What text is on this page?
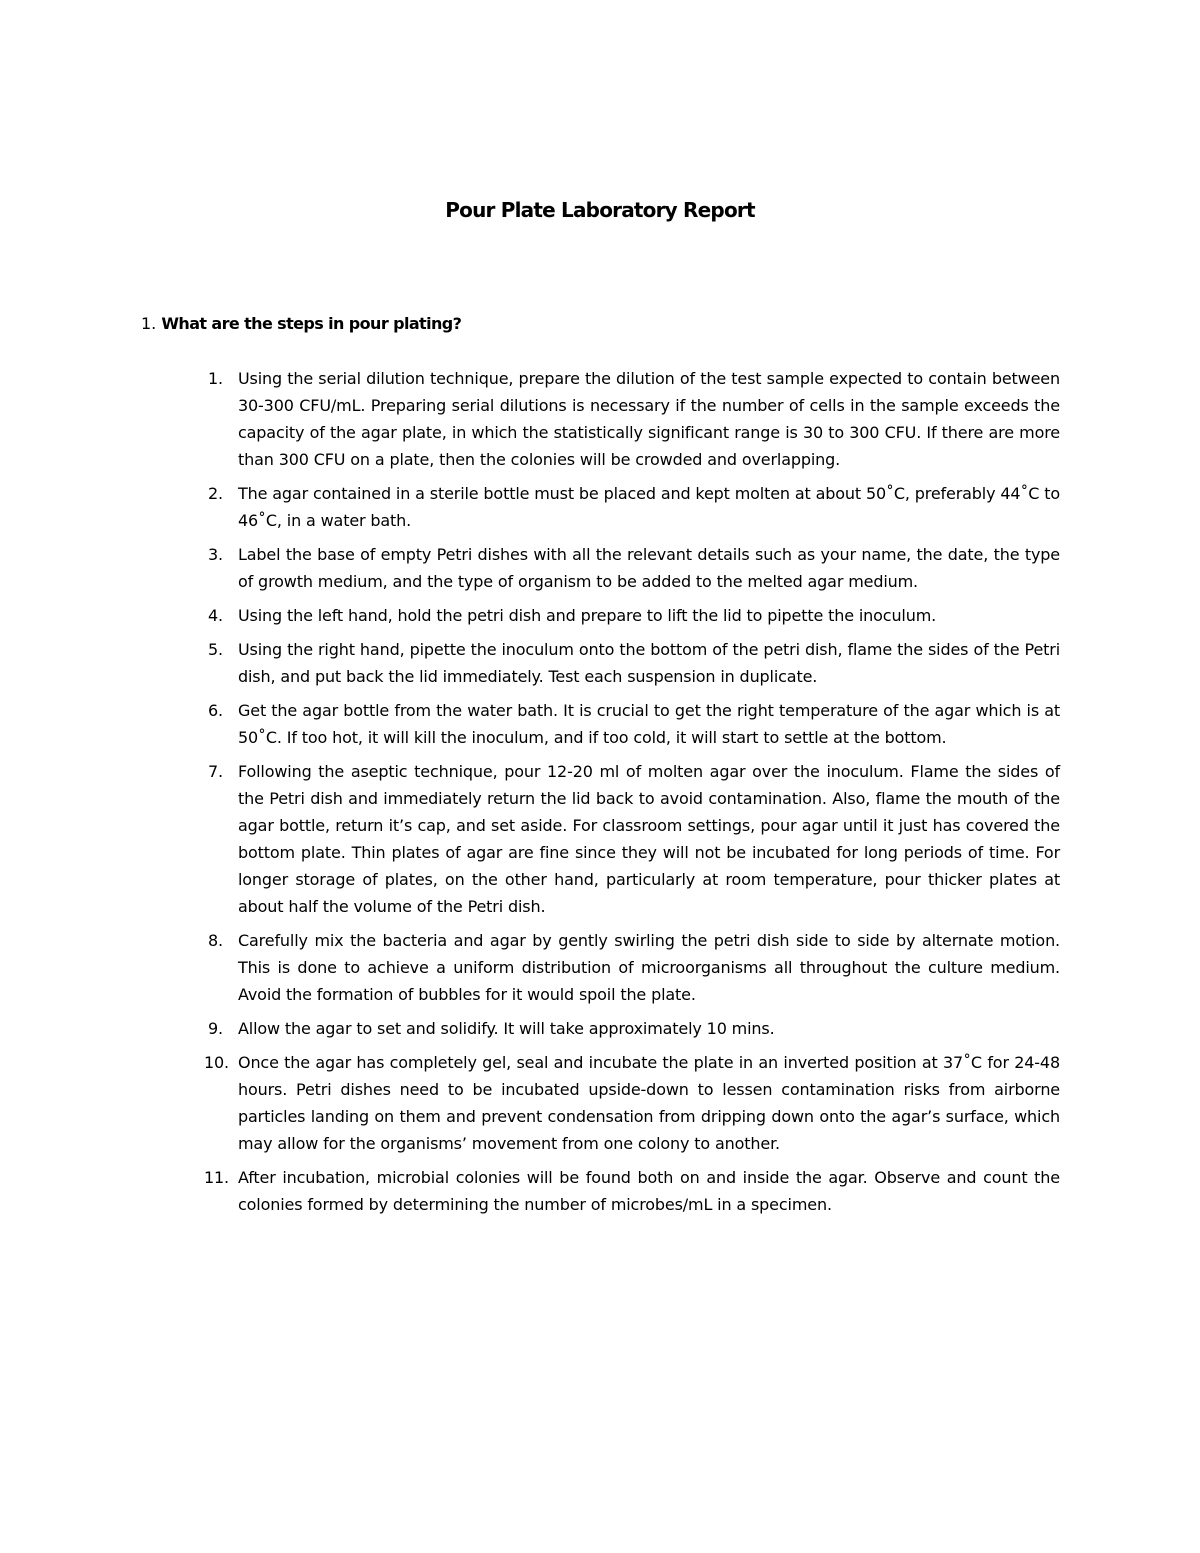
Pour Plate Laboratory Report

1. What are the steps in pour plating?

1. Using the serial dilution technique, prepare the dilution of the test sample expected to contain between 30-300 CFU/mL. Preparing serial dilutions is necessary if the number of cells in the sample exceeds the capacity of the agar plate, in which the statistically significant range is 30 to 300 CFU. If there are more than 300 CFU on a plate, then the colonies will be crowded and overlapping.
2. The agar contained in a sterile bottle must be placed and kept molten at about 50˚C, preferably 44˚C to 46˚C, in a water bath.
3. Label the base of empty Petri dishes with all the relevant details such as your name, the date, the type of growth medium, and the type of organism to be added to the melted agar medium.
4. Using the left hand, hold the petri dish and prepare to lift the lid to pipette the inoculum.
5. Using the right hand, pipette the inoculum onto the bottom of the petri dish, flame the sides of the Petri dish, and put back the lid immediately. Test each suspension in duplicate.
6. Get the agar bottle from the water bath. It is crucial to get the right temperature of the agar which is at 50˚C. If too hot, it will kill the inoculum, and if too cold, it will start to settle at the bottom.
7. Following the aseptic technique, pour 12-20 ml of molten agar over the inoculum. Flame the sides of the Petri dish and immediately return the lid back to avoid contamination. Also, flame the mouth of the agar bottle, return it’s cap, and set aside. For classroom settings, pour agar until it just has covered the bottom plate. Thin plates of agar are fine since they will not be incubated for long periods of time. For longer storage of plates, on the other hand, particularly at room temperature, pour thicker plates at about half the volume of the Petri dish.
8. Carefully mix the bacteria and agar by gently swirling the petri dish side to side by alternate motion. This is done to achieve a uniform distribution of microorganisms all throughout the culture medium. Avoid the formation of bubbles for it would spoil the plate.
9. Allow the agar to set and solidify. It will take approximately 10 mins.
10. Once the agar has completely gel, seal and incubate the plate in an inverted position at 37˚C for 24-48 hours. Petri dishes need to be incubated upside-down to lessen contamination risks from airborne particles landing on them and prevent condensation from dripping down onto the agar’s surface, which may allow for the organisms’ movement from one colony to another.
11. After incubation, microbial colonies will be found both on and inside the agar. Observe and count the colonies formed by determining the number of microbes/mL in a specimen.
